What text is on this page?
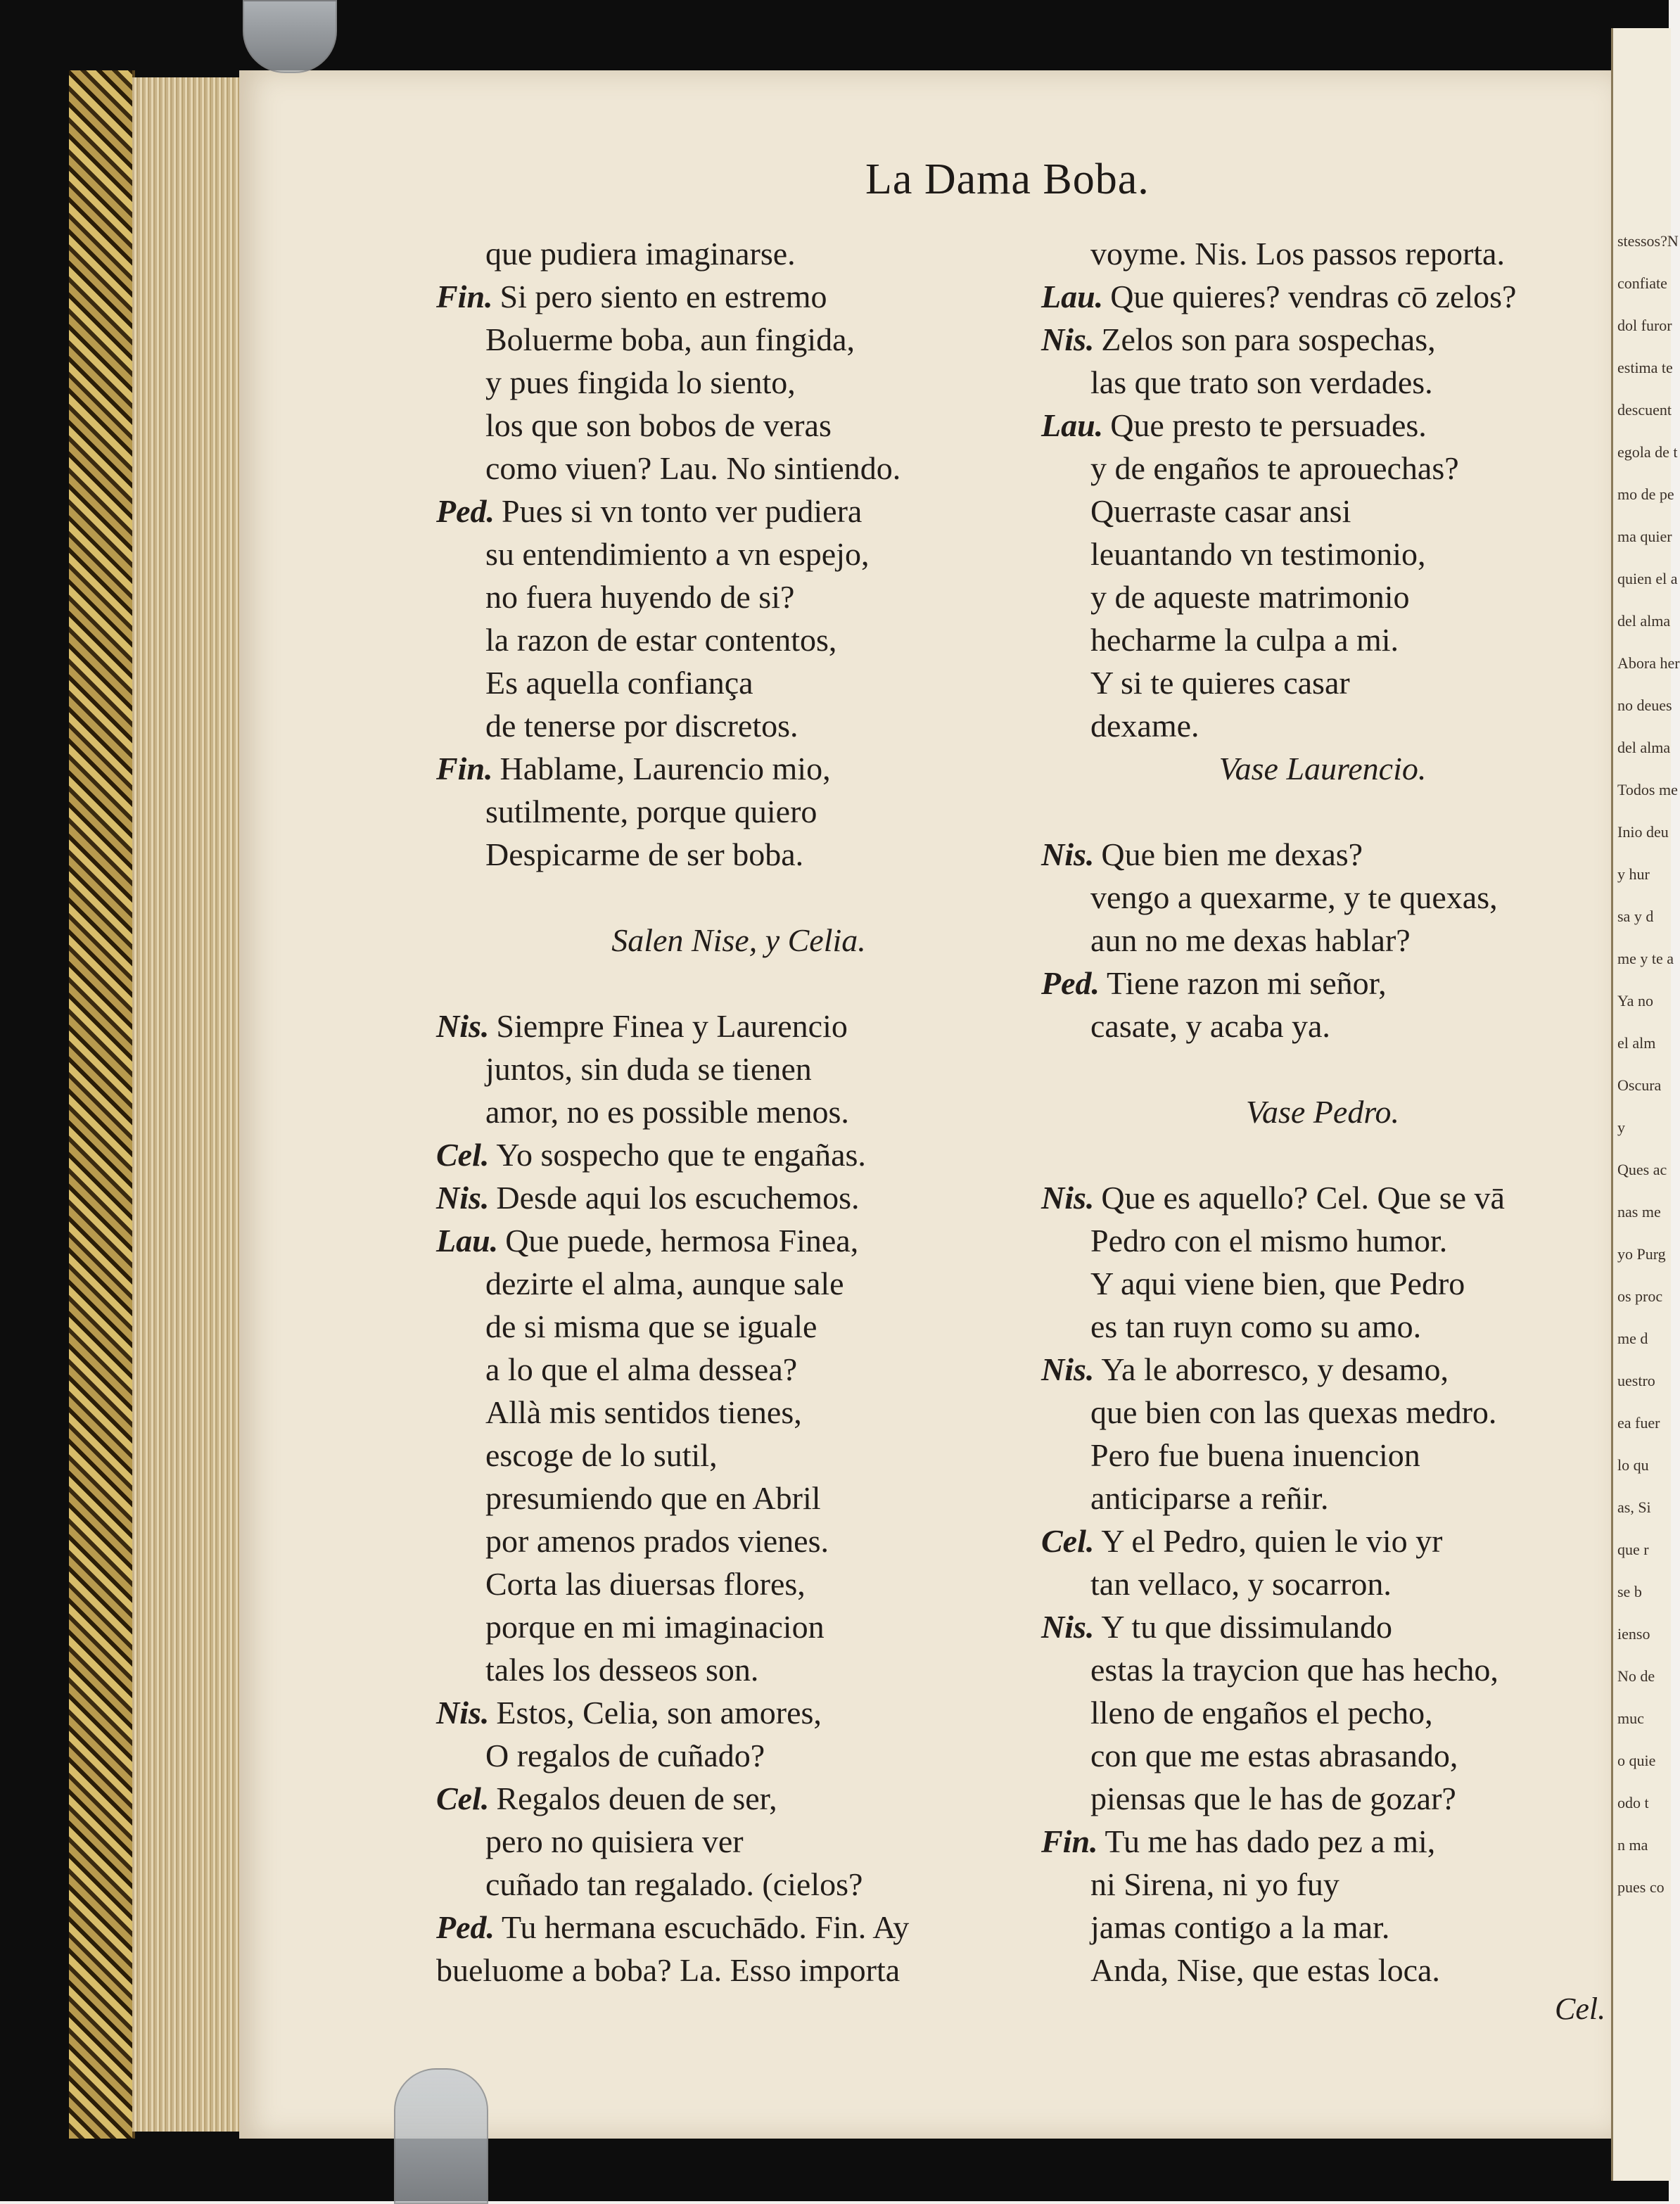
stessos?N
confiate
dol furor
estima te
descuent
egola de t
mo de pe
ma quier
quien el a
del alma
Abora her
no deues
del alma
Todos me
Inio deu
y hur
sa y d
me y te a
Ya no
el alm
Oscura
y
Ques ac
nas me
yo Purg
os proc
me d
uestro
ea fuer
lo qu
as, Si
que r
se b
ienso
No de
muc
o quie
odo t
n ma
pues co
La Dama Boba.
que pudiera imaginarse.
Fin. Si pero siento en estremo
Boluerme boba, aun fingida,
y pues fingida lo siento,
los que son bobos de veras
como viuen? Lau. No sintiendo.
Ped. Pues si vn tonto ver pudiera
su entendimiento a vn espejo,
no fuera huyendo de si?
la razon de estar contentos,
Es aquella confiança
de tenerse por discretos.
Fin. Hablame, Laurencio mio,
sutilmente, porque quiero
Despicarme de ser boba.
Salen Nise, y Celia.
Nis. Siempre Finea y Laurencio
juntos, sin duda se tienen
amor, no es possible menos.
Cel. Yo sospecho que te engañas.
Nis. Desde aqui los escuchemos.
Lau. Que puede, hermosa Finea,
dezirte el alma, aunque sale
de si misma que se iguale
a lo que el alma dessea?
Allà mis sentidos tienes,
escoge de lo sutil,
presumiendo que en Abril
por amenos prados vienes.
Corta las diuersas flores,
porque en mi imaginacion
tales los desseos son.
Nis. Estos, Celia, son amores,
O regalos de cuñado?
Cel. Regalos deuen de ser,
pero no quisiera ver
cuñado tan regalado. (cielos?
Ped. Tu hermana escuchādo. Fin. Ay
bueluome a boba? La. Esso importa
voyme. Nis. Los passos reporta.
Lau. Que quieres? vendras cō zelos?
Nis. Zelos son para sospechas,
las que trato son verdades.
Lau. Que presto te persuades.
y de engaños te aprouechas?
Querraste casar ansi
leuantando vn testimonio,
y de aqueste matrimonio
hecharme la culpa a mi.
Y si te quieres casar
dexame.
Vase Laurencio.
Nis. Que bien me dexas?
vengo a quexarme, y te quexas,
aun no me dexas hablar?
Ped. Tiene razon mi señor,
casate, y acaba ya.
Vase Pedro.
Nis. Que es aquello? Cel. Que se vā
Pedro con el mismo humor.
Y aqui viene bien, que Pedro
es tan ruyn como su amo.
Nis. Ya le aborresco, y desamo,
que bien con las quexas medro.
Pero fue buena inuencion
anticiparse a reñir.
Cel. Y el Pedro, quien le vio yr
tan vellaco, y socarron.
Nis. Y tu que dissimulando
estas la traycion que has hecho,
lleno de engaños el pecho,
con que me estas abrasando,
piensas que le has de gozar?
Fin. Tu me has dado pez a mi,
ni Sirena, ni yo fuy
jamas contigo a la mar.
Anda, Nise, que estas loca.
Cel.
